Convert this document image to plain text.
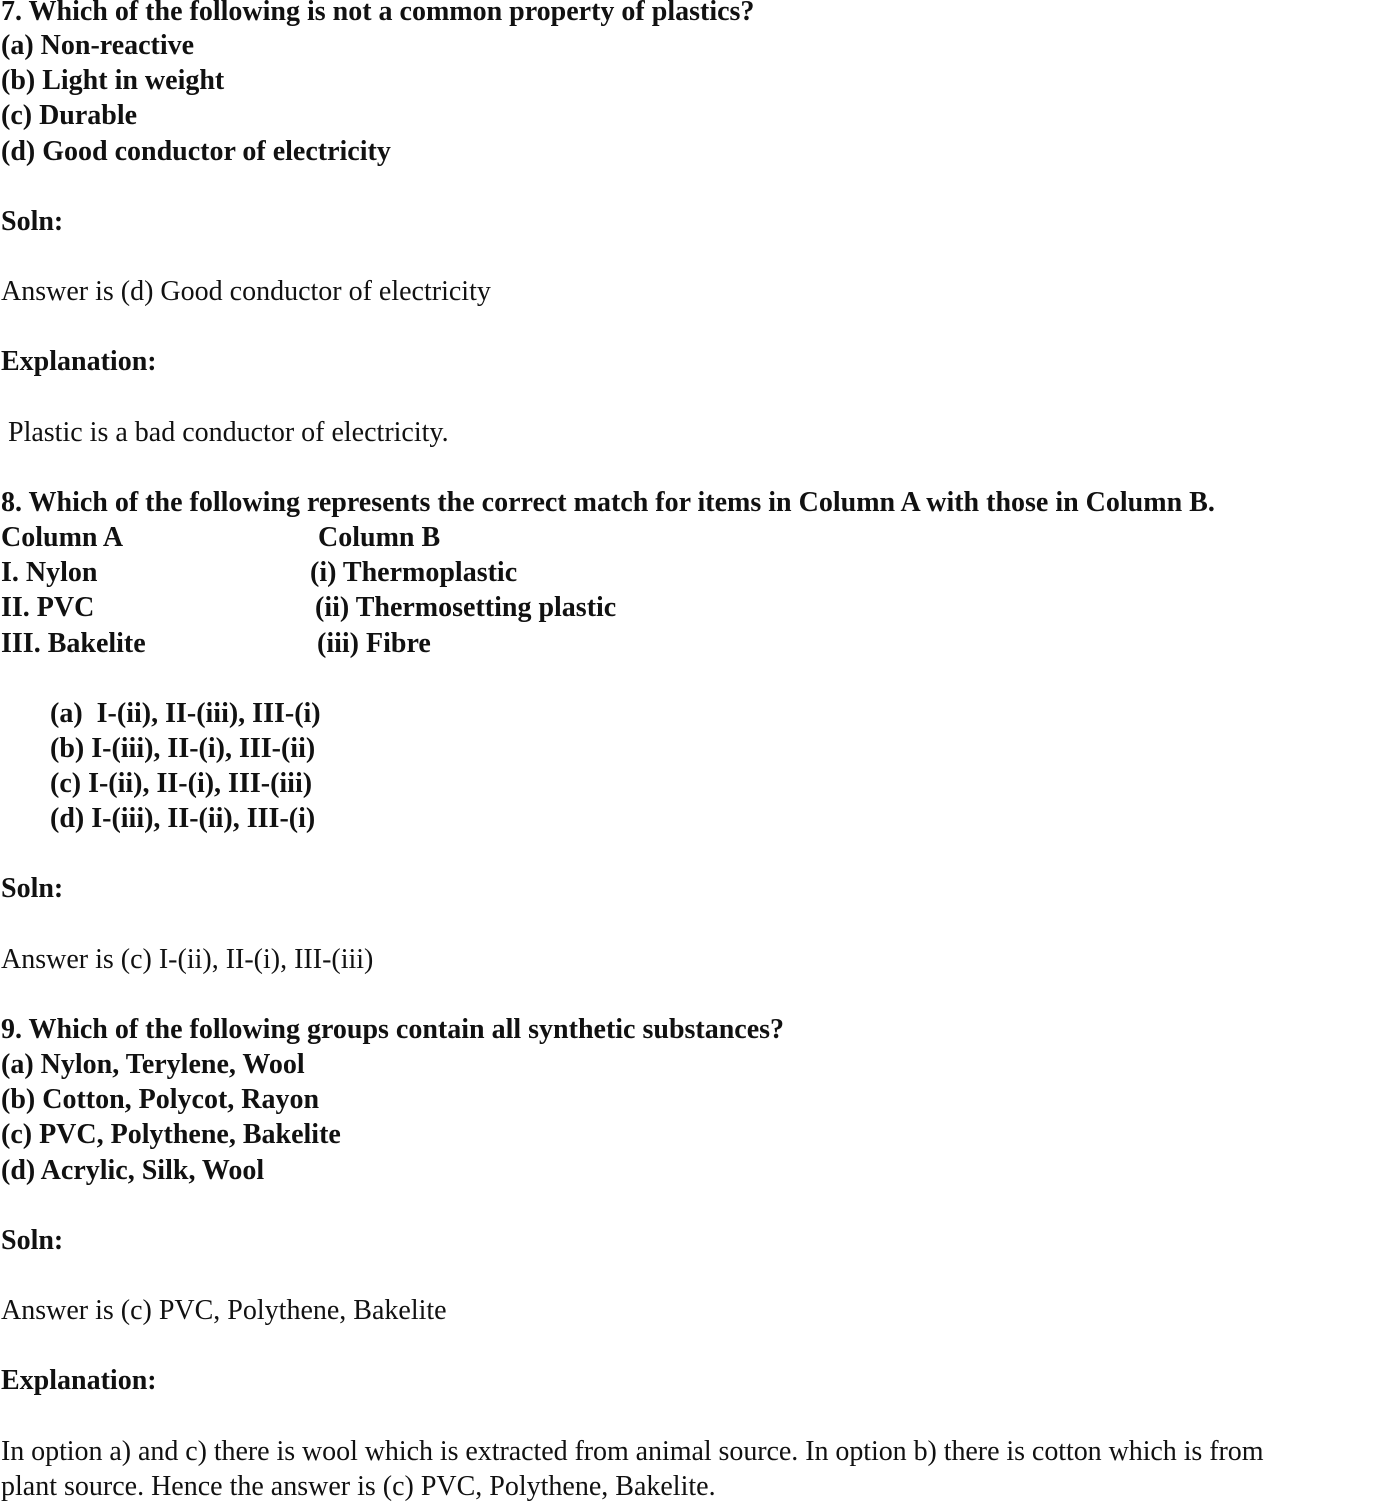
7. Which of the following is not a common property of plastics?
(a) Non-reactive
(b) Light in weight
(c) Durable
(d) Good conductor of electricity
Soln:
Answer is (d) Good conductor of electricity
Explanation:
Plastic is a bad conductor of electricity.
8. Which of the following represents the correct match for items in Column A with those in Column B.
Column A	Column B
I. Nylon	(i) Thermoplastic
II. PVC	(ii) Thermosetting plastic
III. Bakelite	(iii) Fibre
(a)  I-(ii), II-(iii), III-(i)
(b) I-(iii), II-(i), III-(ii)
(c) I-(ii), II-(i), III-(iii)
(d) I-(iii), II-(ii), III-(i)
Soln:
Answer is (c) I-(ii), II-(i), III-(iii)
9. Which of the following groups contain all synthetic substances?
(a) Nylon, Terylene, Wool
(b) Cotton, Polycot, Rayon
(c) PVC, Polythene, Bakelite
(d) Acrylic, Silk, Wool
Soln:
Answer is (c) PVC, Polythene, Bakelite
Explanation:
In option a) and c) there is wool which is extracted from animal source. In option b) there is cotton which is from
plant source. Hence the answer is (c) PVC, Polythene, Bakelite.
